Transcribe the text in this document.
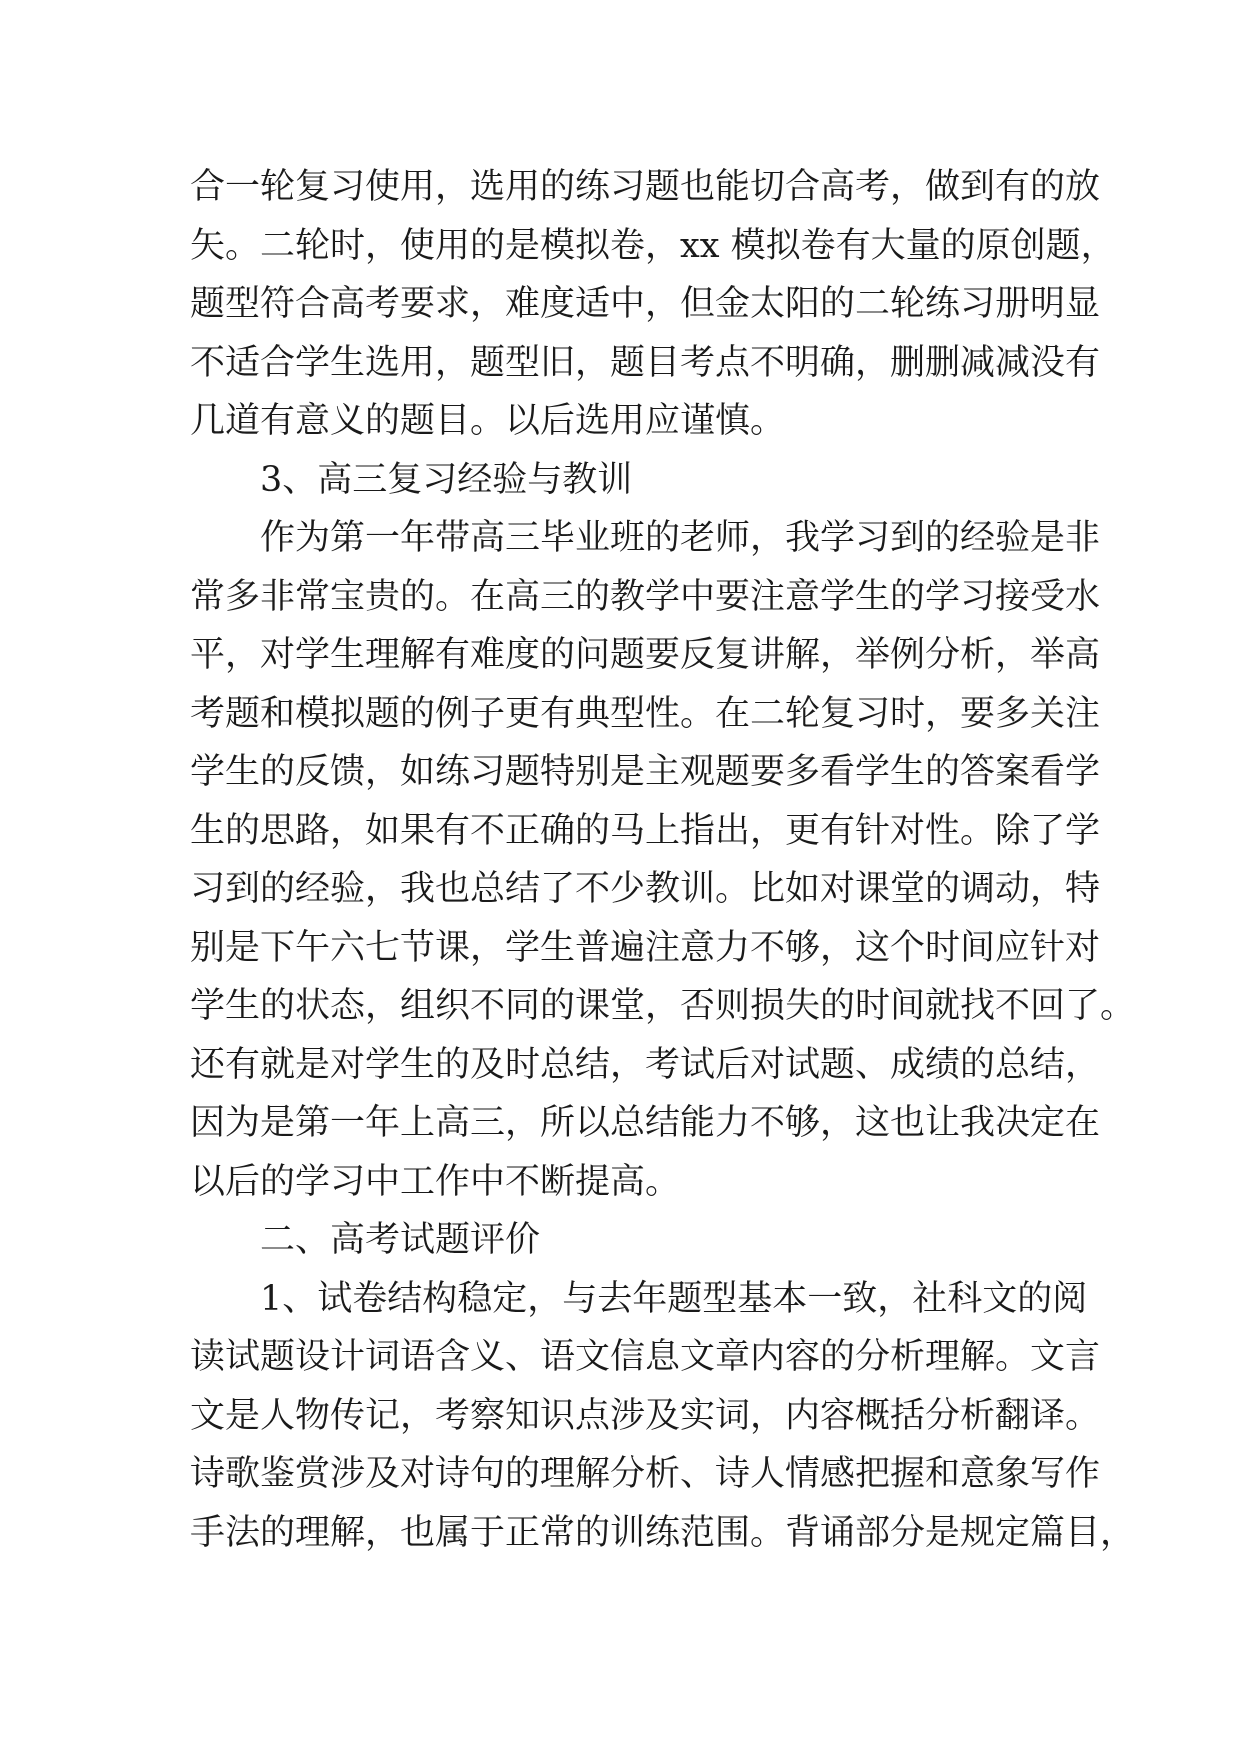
合一轮复习使用，选用的练习题也能切合高考，做到有的放
矢。二轮时，使用的是模拟卷，xx 模拟卷有大量的原创题，
题型符合高考要求，难度适中，但金太阳的二轮练习册明显
不适合学生选用，题型旧，题目考点不明确，删删减减没有
几道有意义的题目。以后选用应谨慎。
3、高三复习经验与教训
作为第一年带高三毕业班的老师，我学习到的经验是非
常多非常宝贵的。在高三的教学中要注意学生的学习接受水
平，对学生理解有难度的问题要反复讲解，举例分析，举高
考题和模拟题的例子更有典型性。在二轮复习时，要多关注
学生的反馈，如练习题特别是主观题要多看学生的答案看学
生的思路，如果有不正确的马上指出，更有针对性。除了学
习到的经验，我也总结了不少教训。比如对课堂的调动，特
别是下午六七节课，学生普遍注意力不够，这个时间应针对
学生的状态，组织不同的课堂，否则损失的时间就找不回了。
还有就是对学生的及时总结，考试后对试题、成绩的总结，
因为是第一年上高三，所以总结能力不够，这也让我决定在
以后的学习中工作中不断提高。
二、高考试题评价
1、试卷结构稳定，与去年题型基本一致，社科文的阅
读试题设计词语含义、语文信息文章内容的分析理解。文言
文是人物传记，考察知识点涉及实词，内容概括分析翻译。
诗歌鉴赏涉及对诗句的理解分析、诗人情感把握和意象写作
手法的理解，也属于正常的训练范围。背诵部分是规定篇目，
